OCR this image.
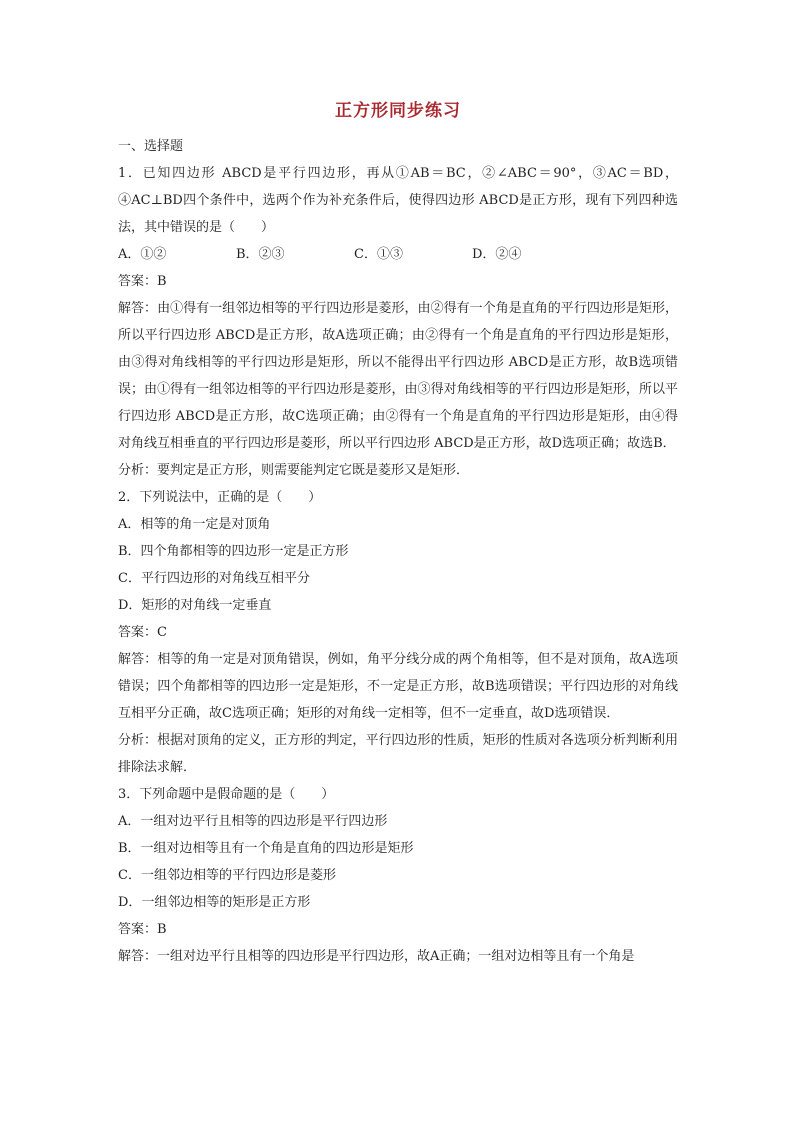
正方形同步练习

一、选择题

1．已知四边形 ABCD是平行四边形，再从①AB＝BC，②∠ABC＝90°，③AC＝BD，④AC⊥BD四个条件中，选两个作为补充条件后，使得四边形 ABCD是正方形，现有下列四种选法，其中错误的是（　　）

A．①②	B．②③	C．①③	D．②④

答案：B

解答：由①得有一组邻边相等的平行四边形是菱形，由②得有一个角是直角的平行四边形是矩形，所以平行四边形 ABCD是正方形，故A选项正确；由②得有一个角是直角的平行四边形是矩形，由③得对角线相等的平行四边形是矩形，所以不能得出平行四边形 ABCD是正方形，故B选项错误；由①得有一组邻边相等的平行四边形是菱形，由③得对角线相等的平行四边形是矩形，所以平行四边形 ABCD是正方形，故C选项正确；由②得有一个角是直角的平行四边形是矩形，由④得对角线互相垂直的平行四边形是菱形，所以平行四边形 ABCD是正方形，故D选项正确；故选B．

分析：要判定是正方形，则需要能判定它既是菱形又是矩形．

2．下列说法中，正确的是（　　）

A．相等的角一定是对顶角

B．四个角都相等的四边形一定是正方形

C．平行四边形的对角线互相平分

D．矩形的对角线一定垂直

答案：C

解答：相等的角一定是对顶角错误，例如，角平分线分成的两个角相等，但不是对顶角，故A选项错误；四个角都相等的四边形一定是矩形，不一定是正方形，故B选项错误；平行四边形的对角线互相平分正确，故C选项正确；矩形的对角线一定相等，但不一定垂直，故D选项错误．

分析：根据对顶角的定义，正方形的判定，平行四边形的性质，矩形的性质对各选项分析判断利用排除法求解．

3．下列命题中是假命题的是（　　）

A．一组对边平行且相等的四边形是平行四边形

B．一组对边相等且有一个角是直角的四边形是矩形

C．一组邻边相等的平行四边形是菱形

D．一组邻边相等的矩形是正方形

答案：B

解答：一组对边平行且相等的四边形是平行四边形，故A正确；一组对边相等且有一个角是
